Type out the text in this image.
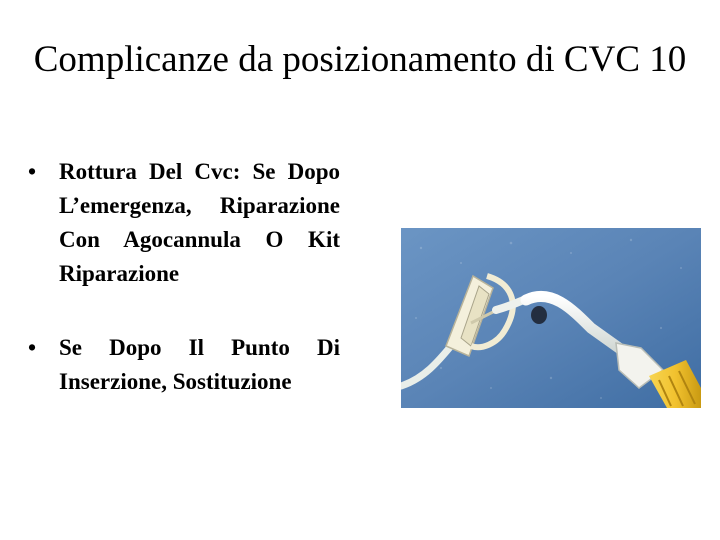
Complicanze da posizionamento di CVC 10
• Rottura Del Cvc: Se Dopo L’emergenza, Riparazione Con Agocannula O Kit Riparazione
• Se Dopo Il Punto Di Inserzione, Sostituzione
